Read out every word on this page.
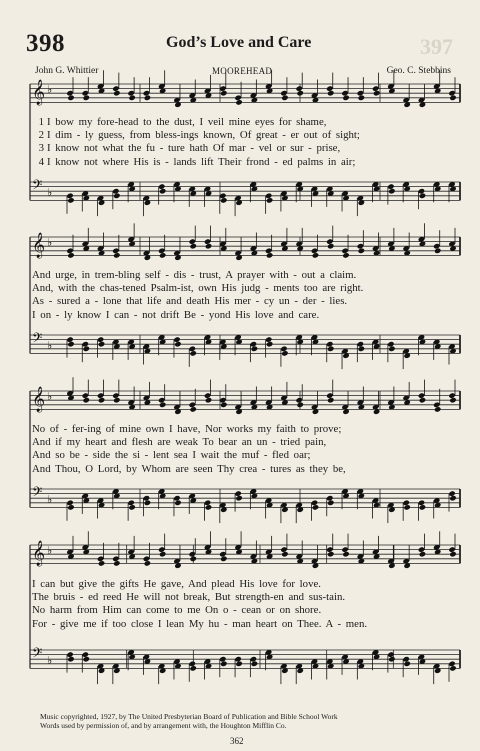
398	God’s Love and Care	397
John G. Whittier	MOOREHEAD	Geo. C. Stebbins
𝄞 ♭
𝄢 ♭
𝄞 ♭
𝄢 ♭
𝄞 ♭
𝄢 ♭
𝄞 ♭
𝄢 ♭
1 I bow my fore-head to the dust, I veil mine eyes for shame,
2 I dim - ly guess, from bless-ings known, Of great - er out of sight;
3 I know not what the fu - ture hath Of mar - vel or sur - prise,
4 I know not where His is - lands lift Their frond - ed palms in air;
And urge, in trem-bling self - dis - trust, A prayer with - out a claim.
And, with the chas-tened Psalm-ist, own His judg - ments too are right.
As - sured a - lone that life and death His mer - cy un - der - lies.
I on - ly know I can - not drift Be - yond His love and care.
No of - fer-ing of mine own I have, Nor works my faith to prove;
And if my heart and flesh are weak To bear an un - tried pain,
And so be - side the si - lent sea I wait the muf - fled oar;
And Thou, O Lord, by Whom are seen Thy crea - tures as they be,
I can but give the gifts He gave, And plead His love for love.
The bruis - ed reed He will not break, But strength-en and sus-tain.
No harm from Him can come to me On o - cean or on shore.
For - give me if too close I lean My hu - man heart on Thee. A - men.
Music copyrighted, 1927, by The United Presbyterian Board of Publication and Bible School Work
Words used by permission of, and by arrangement with, the Houghton Mifflin Co.
362
